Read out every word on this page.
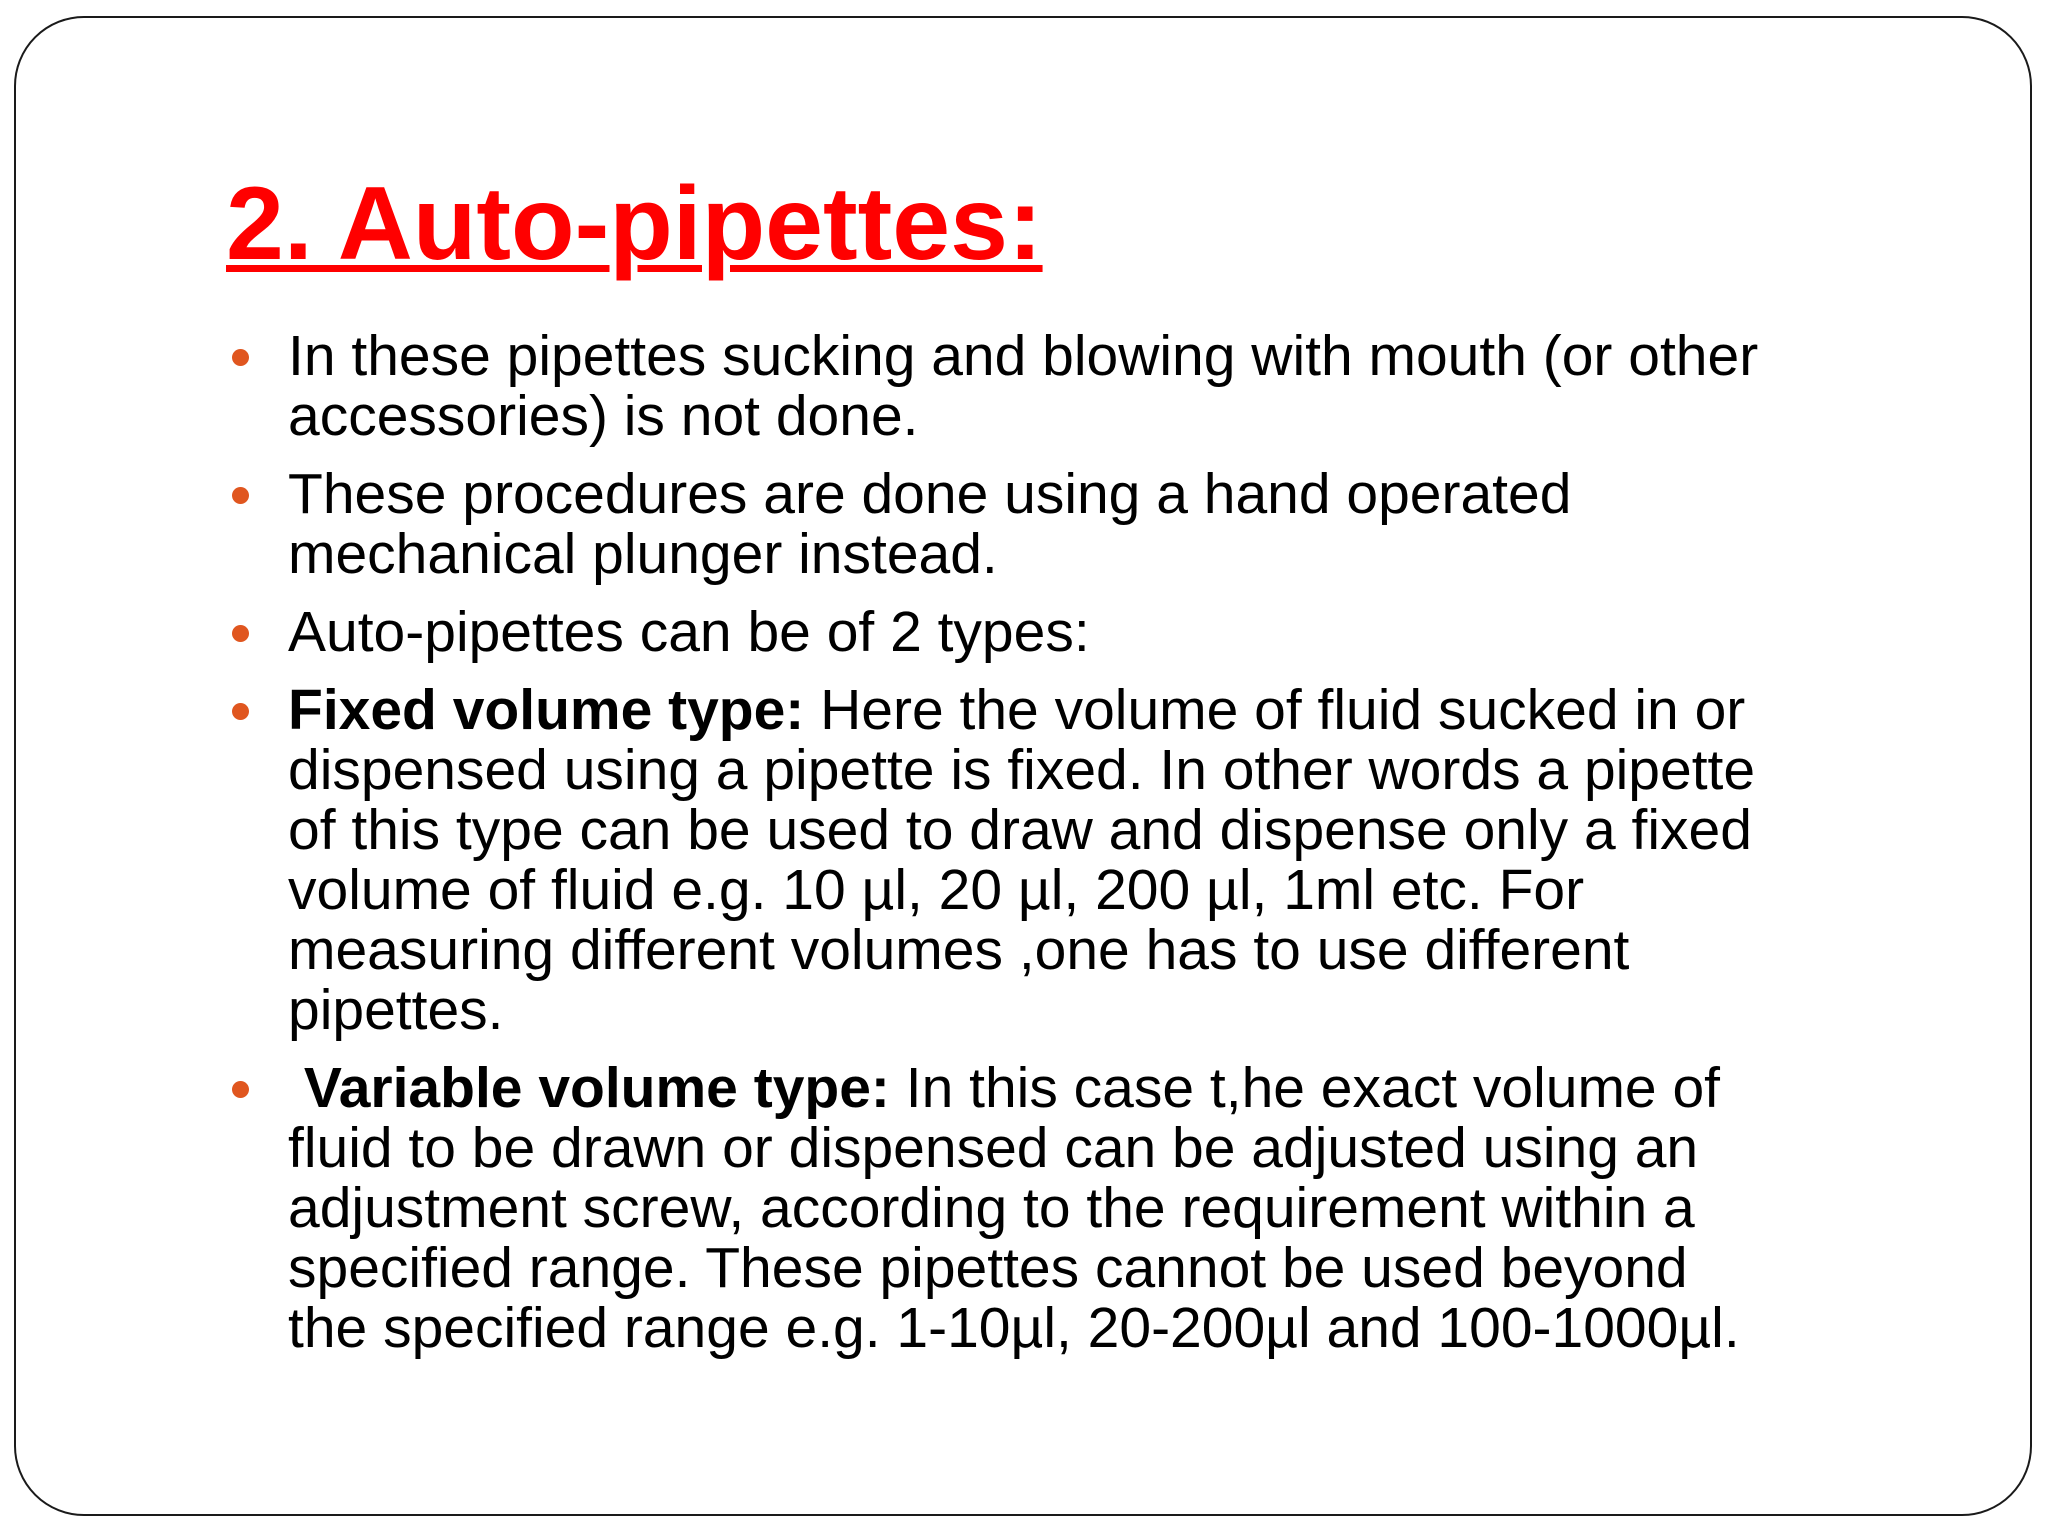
2. Auto-pipettes:
In these pipettes sucking and blowing with mouth (or other
accessories) is not done.
These procedures are done using a hand operated
mechanical plunger instead.
Auto-pipettes can be of 2 types:
Fixed volume type: Here the volume of fluid sucked in or
dispensed using a pipette is fixed. In other words a pipette
of this type can be used to draw and dispense only a fixed
volume of fluid e.g. 10 µl, 20 µl, 200 µl, 1ml etc. For
measuring different volumes ,one has to use different
pipettes.
Variable volume type: In this case t,he exact volume of
fluid to be drawn or dispensed can be adjusted using an
adjustment screw, according to the requirement within a
specified range. These pipettes cannot be used beyond
the specified range e.g. 1-10µl, 20-200µl and 100-1000µl.
